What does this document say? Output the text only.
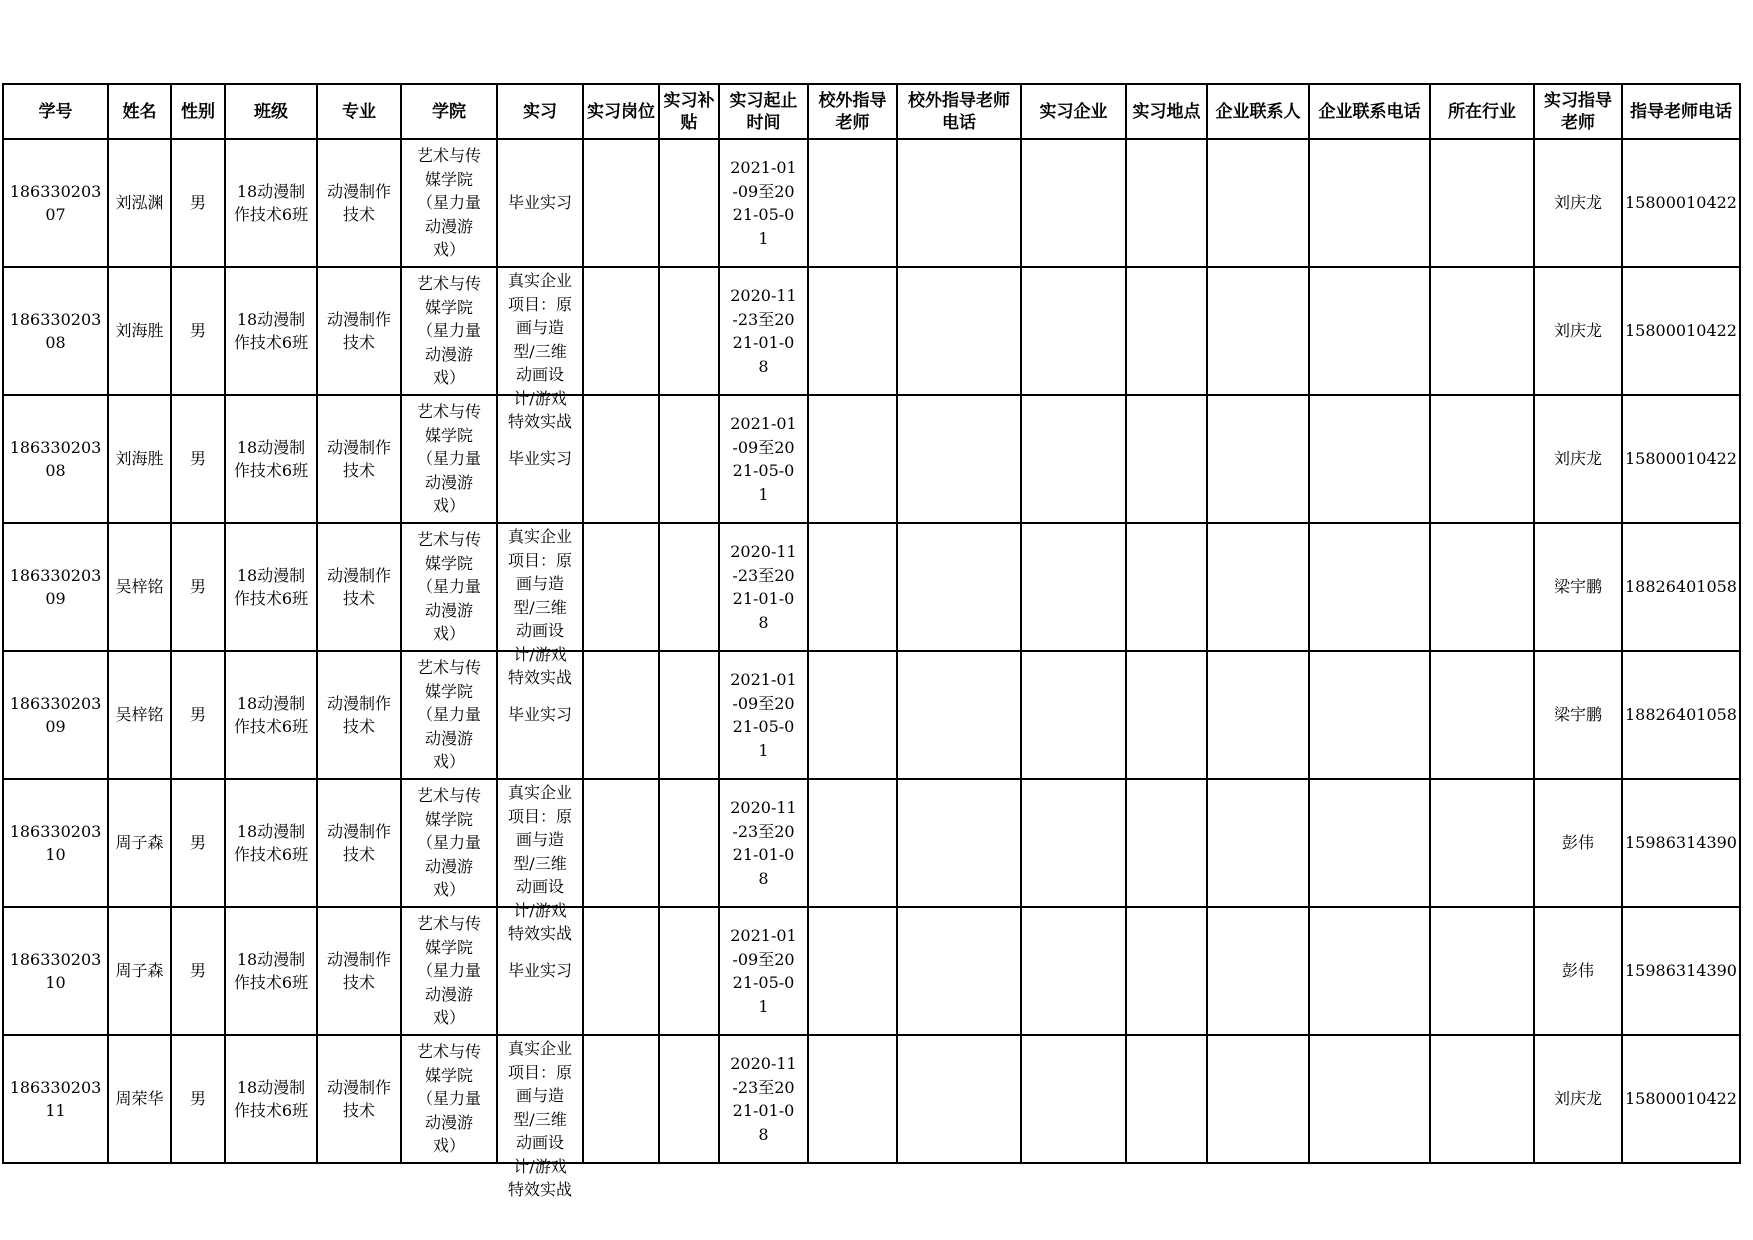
学号	姓名	性别	班级	专业	学院	实习	实习岗位	实习补贴	实习起止时间	校外指导老师	校外指导老师电话	实习企业	实习地点	企业联系人	企业联系电话	所在行业	实习指导老师	指导老师电话

18633020307	刘泓渊	男	18动漫制作技术6班	动漫制作技术	艺术与传媒学院（星力量动漫游戏）	毕业实习			2021-01-09至2021-05-01								刘庆龙	15800010422

18633020308	刘海胜	男	18动漫制作技术6班	动漫制作技术	艺术与传媒学院（星力量动漫游戏）	真实企业项目：原画与造型/三维动画设计/游戏特效实战			2020-11-23至2021-01-08								刘庆龙	15800010422

18633020308	刘海胜	男	18动漫制作技术6班	动漫制作技术	艺术与传媒学院（星力量动漫游戏）	毕业实习			2021-01-09至2021-05-01								刘庆龙	15800010422

18633020309	吴梓铭	男	18动漫制作技术6班	动漫制作技术	艺术与传媒学院（星力量动漫游戏）	真实企业项目：原画与造型/三维动画设计/游戏特效实战			2020-11-23至2021-01-08								梁宇鹏	18826401058

18633020309	吴梓铭	男	18动漫制作技术6班	动漫制作技术	艺术与传媒学院（星力量动漫游戏）	毕业实习			2021-01-09至2021-05-01								梁宇鹏	18826401058

18633020310	周子森	男	18动漫制作技术6班	动漫制作技术	艺术与传媒学院（星力量动漫游戏）	真实企业项目：原画与造型/三维动画设计/游戏特效实战			2020-11-23至2021-01-08								彭伟	15986314390

18633020310	周子森	男	18动漫制作技术6班	动漫制作技术	艺术与传媒学院（星力量动漫游戏）	毕业实习			2021-01-09至2021-05-01								彭伟	15986314390

18633020311	周荣华	男	18动漫制作技术6班	动漫制作技术	艺术与传媒学院（星力量动漫游戏）	真实企业项目：原画与造型/三维动画设计/游戏特效实战			2020-11-23至2021-01-08								刘庆龙	15800010422
